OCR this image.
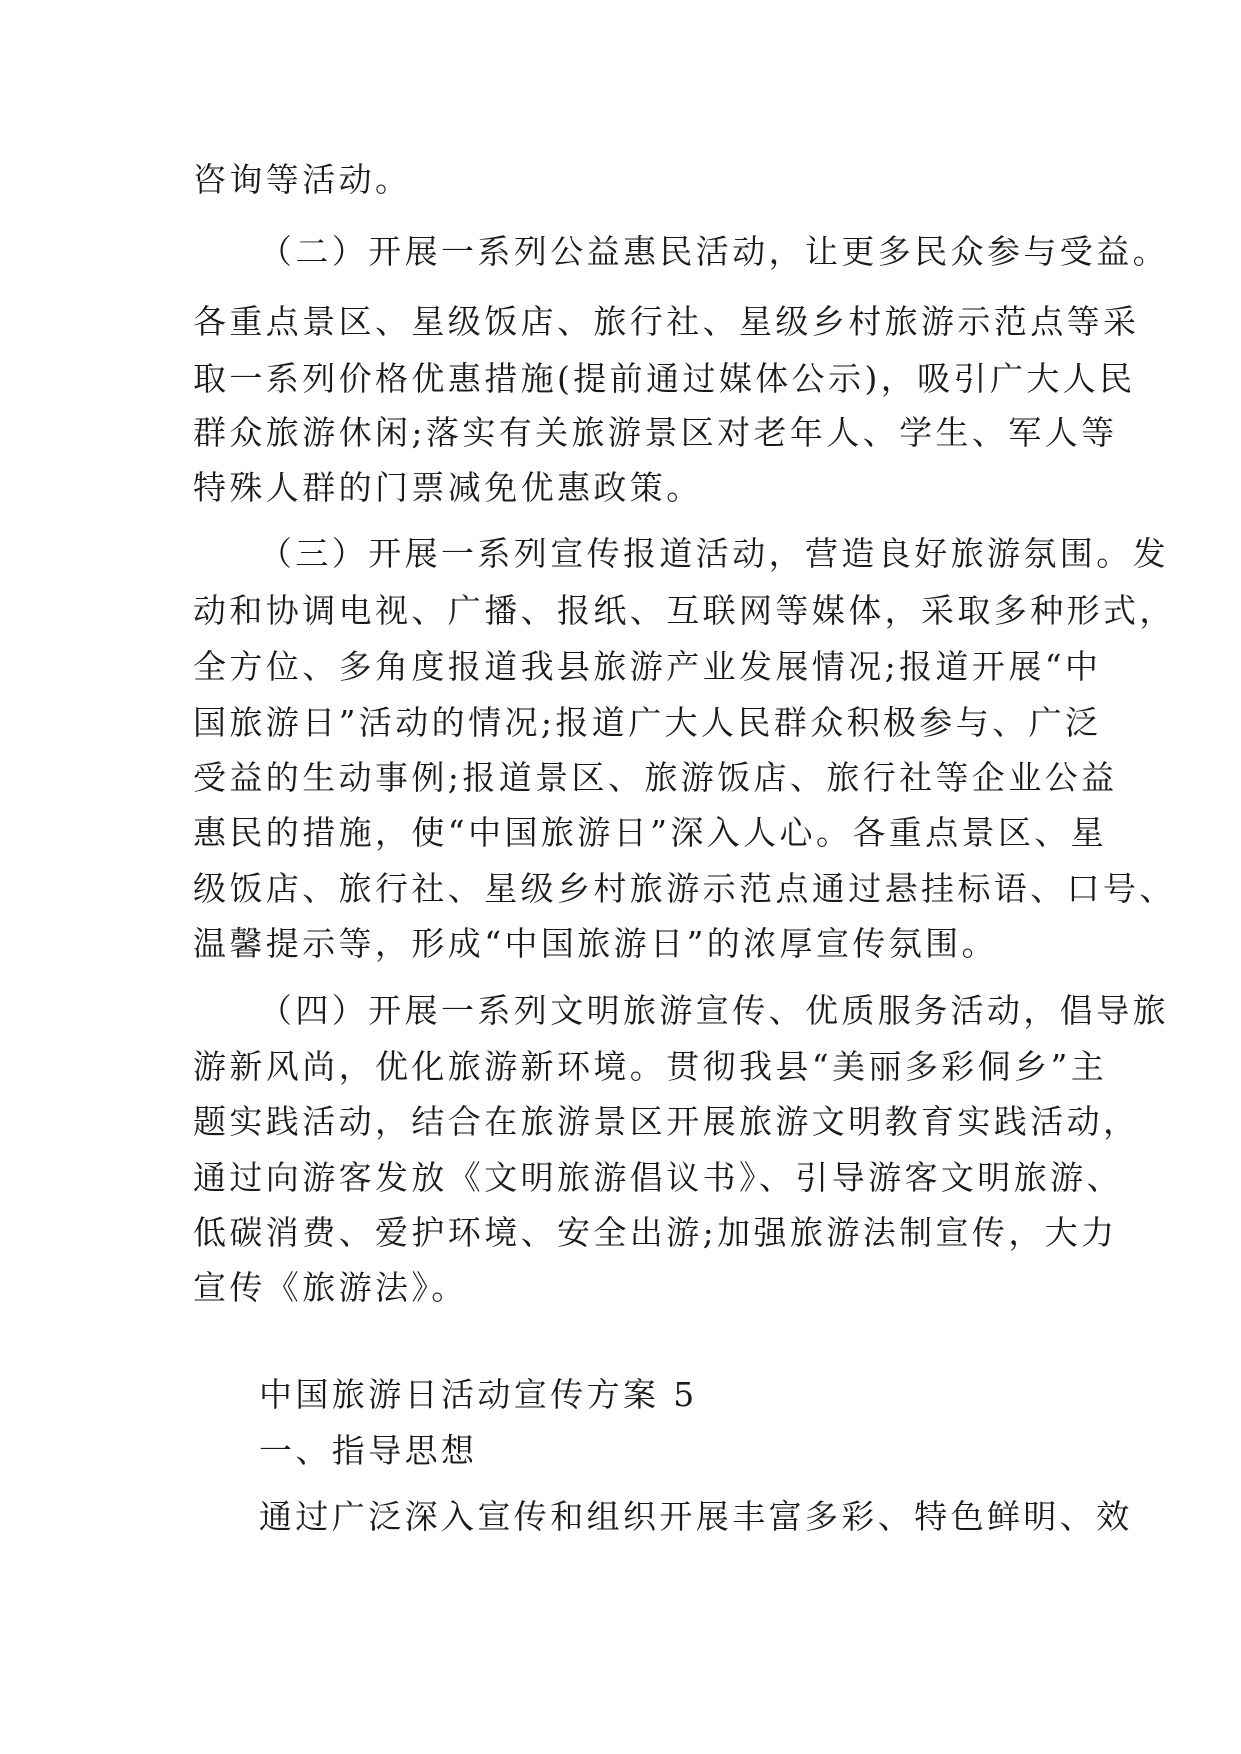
咨询等活动。
（二）开展一系列公益惠民活动，让更多民众参与受益。
各重点景区、星级饭店、旅行社、星级乡村旅游示范点等采
取一系列价格优惠措施(提前通过媒体公示)，吸引广大人民
群众旅游休闲;落实有关旅游景区对老年人、学生、军人等
特殊人群的门票减免优惠政策。
（三）开展一系列宣传报道活动，营造良好旅游氛围。发
动和协调电视、广播、报纸、互联网等媒体，采取多种形式，
全方位、多角度报道我县旅游产业发展情况;报道开展“中
国旅游日”活动的情况;报道广大人民群众积极参与、广泛
受益的生动事例;报道景区、旅游饭店、旅行社等企业公益
惠民的措施，使“中国旅游日”深入人心。各重点景区、星
级饭店、旅行社、星级乡村旅游示范点通过悬挂标语、口号、
温馨提示等，形成“中国旅游日”的浓厚宣传氛围。
（四）开展一系列文明旅游宣传、优质服务活动，倡导旅
游新风尚，优化旅游新环境。贯彻我县“美丽多彩侗乡”主
题实践活动，结合在旅游景区开展旅游文明教育实践活动，
通过向游客发放《文明旅游倡议书》、引导游客文明旅游、
低碳消费、爱护环境、安全出游;加强旅游法制宣传，大力
宣传《旅游法》。
中国旅游日活动宣传方案 5
一、指导思想
通过广泛深入宣传和组织开展丰富多彩、特色鲜明、效
